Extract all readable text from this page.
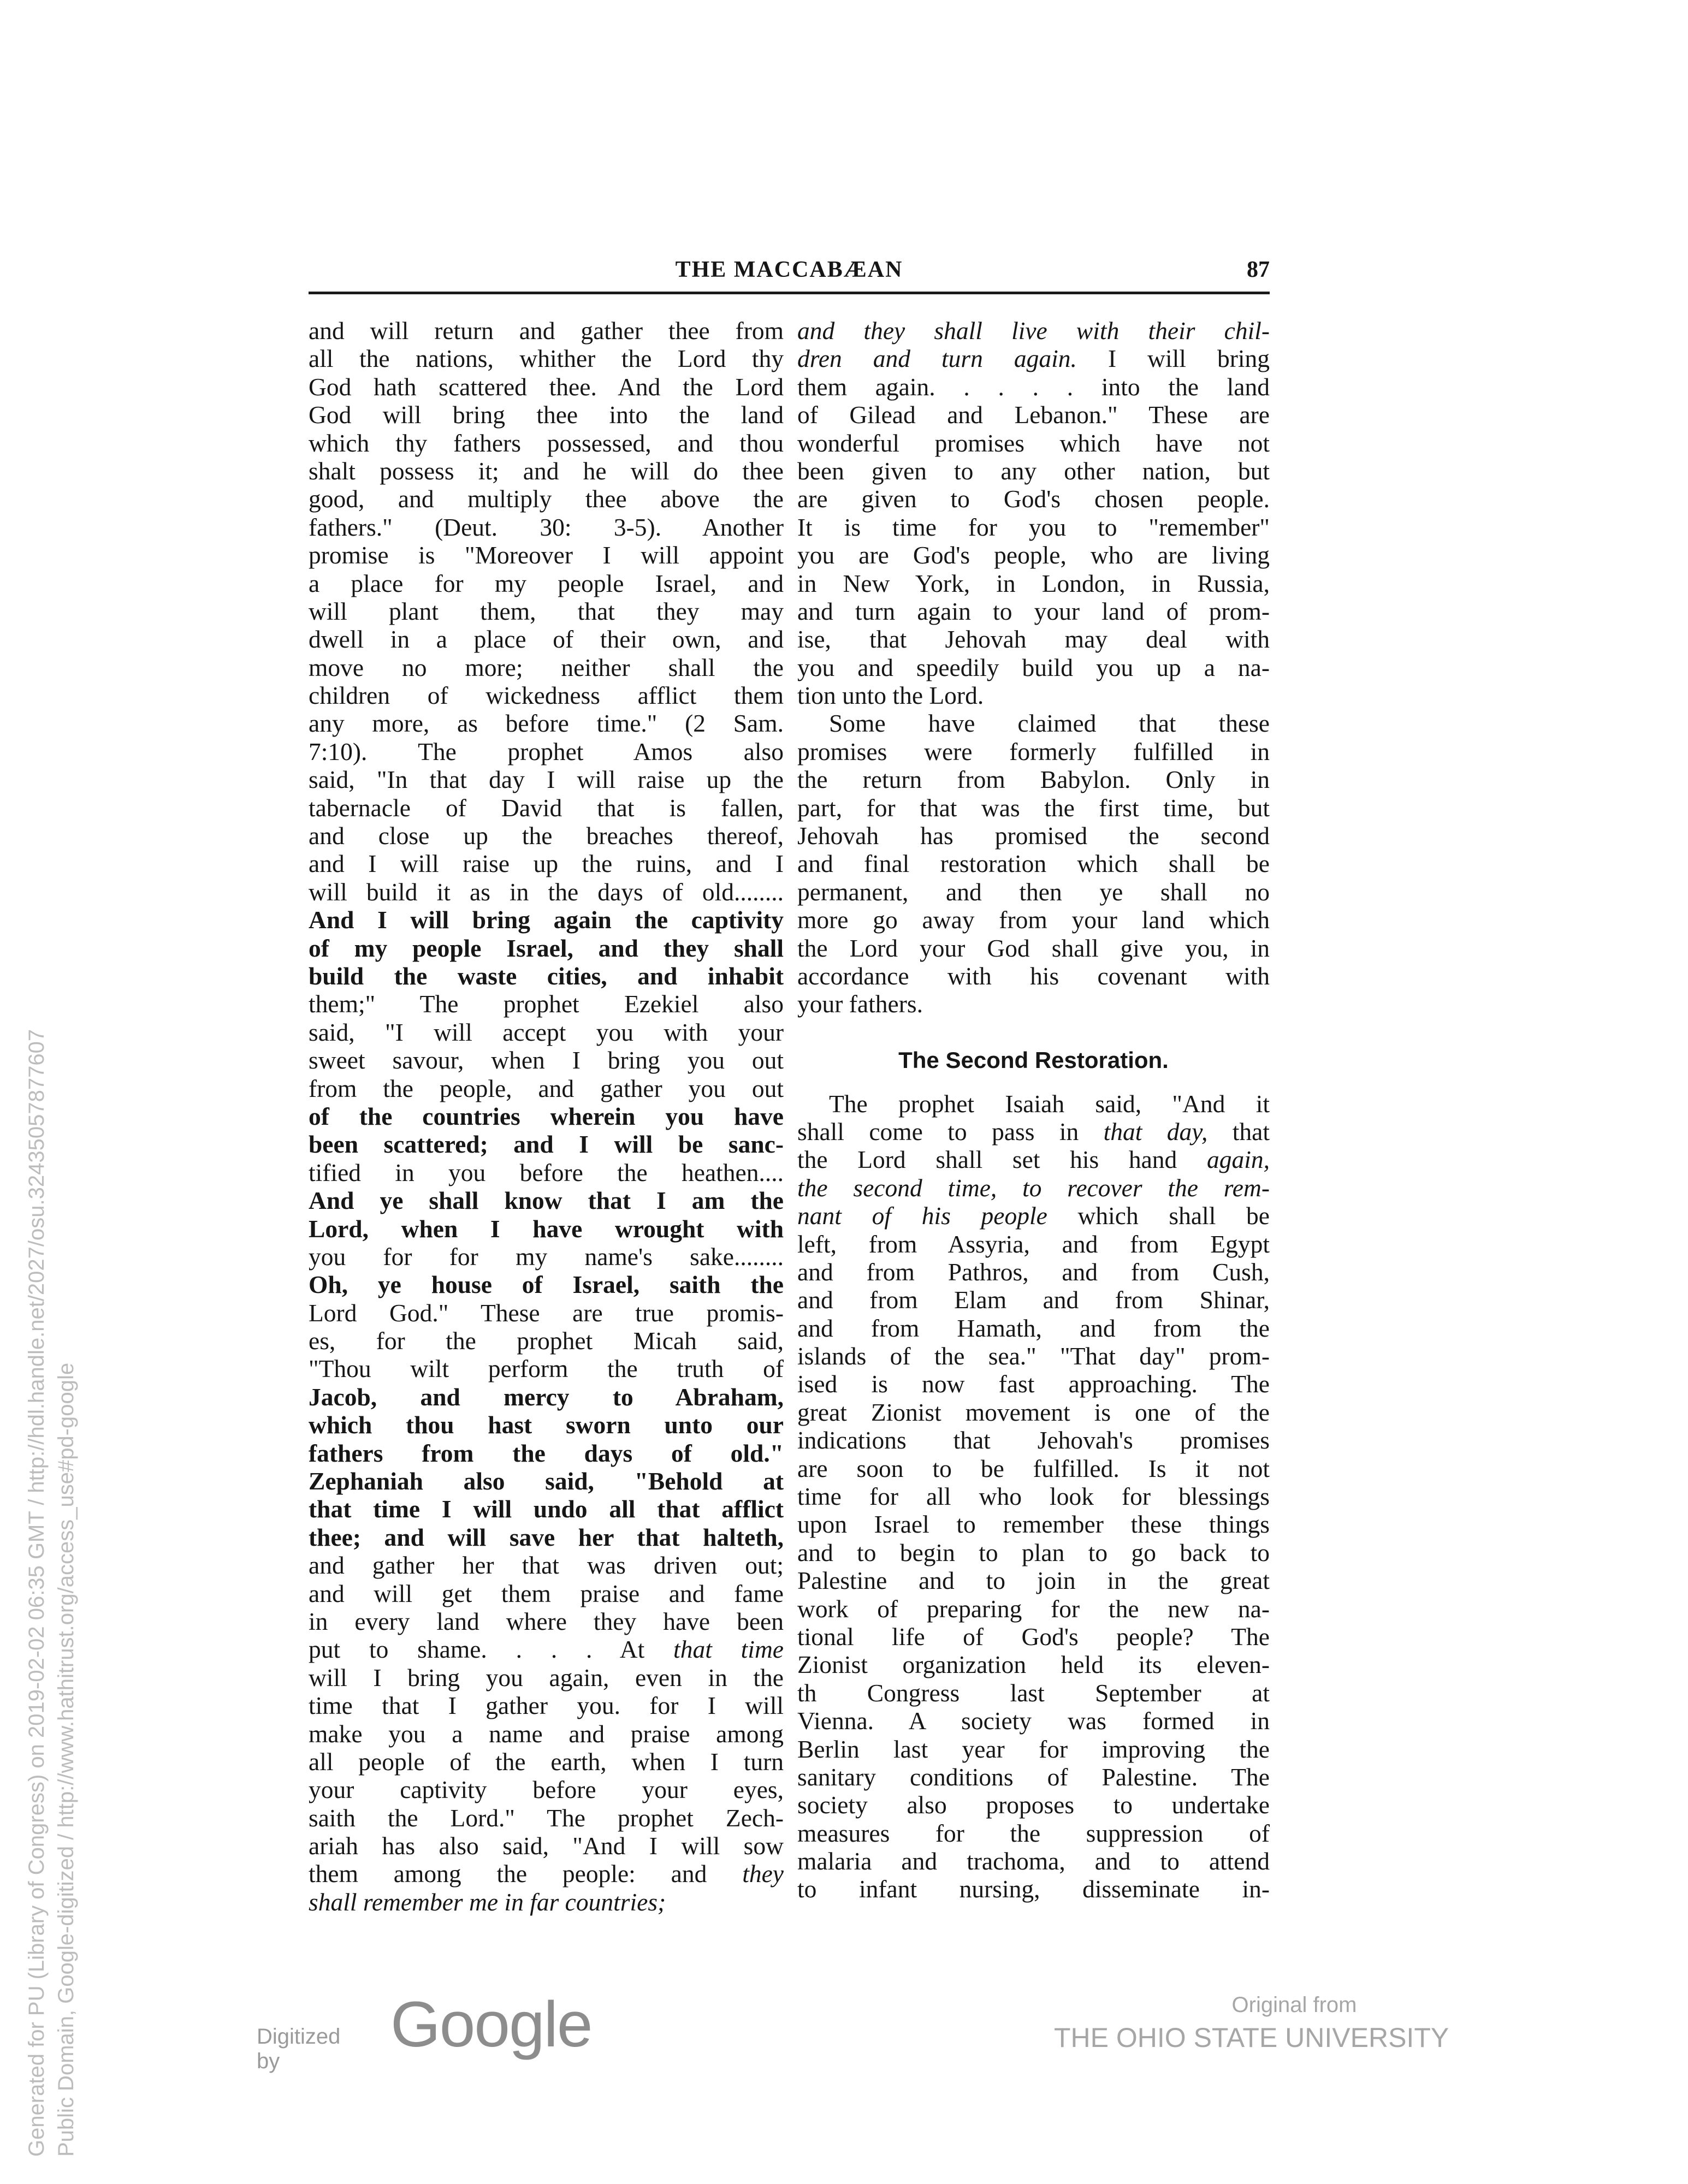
THE MACCABÆAN	87
and will return and gather thee from
all the nations, whither the Lord thy
God hath scattered thee. And the Lord
God will bring thee into the land
which thy fathers possessed, and thou
shalt possess it; and he will do thee
good, and multiply thee above the
fathers." (Deut. 30: 3-5). Another
promise is "Moreover I will appoint
a place for my people Israel, and
will plant them, that they may
dwell in a place of their own, and
move no more; neither shall the
children of wickedness afflict them
any more, as before time." (2 Sam.
7:10). The prophet Amos also
said, "In that day I will raise up the
tabernacle of David that is fallen,
and close up the breaches thereof,
and I will raise up the ruins, and I
will build it as in the days of old........
And I will bring again the captivity
of my people Israel, and they shall
build the waste cities, and inhabit
them;" The prophet Ezekiel also
said, "I will accept you with your
sweet savour, when I bring you out
from the people, and gather you out
of the countries wherein you have
been scattered; and I will be sanc-
tified in you before the heathen....
And ye shall know that I am the
Lord, when I have wrought with
you for for my name's sake........
Oh, ye house of Israel, saith the
Lord God." These are true promis-
es, for the prophet Micah said,
"Thou wilt perform the truth of
Jacob, and mercy to Abraham,
which thou hast sworn unto our
fathers from the days of old."
Zephaniah also said, "Behold at
that time I will undo all that afflict
thee; and will save her that halteth,
and gather her that was driven out;
and will get them praise and fame
in every land where they have been
put to shame. . . . At that time
will I bring you again, even in the
time that I gather you. for I will
make you a name and praise among
all people of the earth, when I turn
your captivity before your eyes,
saith the Lord." The prophet Zech-
ariah has also said, "And I will sow
them among the people: and they
shall remember me in far countries;
and they shall live with their chil-
dren and turn again. I will bring
them again. . . . . into the land
of Gilead and Lebanon." These are
wonderful promises which have not
been given to any other nation, but
are given to God's chosen people.
It is time for you to "remember"
you are God's people, who are living
in New York, in London, in Russia,
and turn again to your land of prom-
ise, that Jehovah may deal with
you and speedily build you up a na-
tion unto the Lord.
Some have claimed that these
promises were formerly fulfilled in
the return from Babylon. Only in
part, for that was the first time, but
Jehovah has promised the second
and final restoration which shall be
permanent, and then ye shall no
more go away from your land which
the Lord your God shall give you, in
accordance with his covenant with
your fathers.
The Second Restoration.
The prophet Isaiah said, "And it
shall come to pass in that day, that
the Lord shall set his hand again,
the second time, to recover the rem-
nant of his people which shall be
left, from Assyria, and from Egypt
and from Pathros, and from Cush,
and from Elam and from Shinar,
and from Hamath, and from the
islands of the sea." "That day" prom-
ised is now fast approaching. The
great Zionist movement is one of the
indications that Jehovah's promises
are soon to be fulfilled. Is it not
time for all who look for blessings
upon Israel to remember these things
and to begin to plan to go back to
Palestine and to join in the great
work of preparing for the new na-
tional life of God's people? The
Zionist organization held its eleven-
th Congress last September at
Vienna. A society was formed in
Berlin last year for improving the
sanitary conditions of Palestine. The
society also proposes to undertake
measures for the suppression of
malaria and trachoma, and to attend
to infant nursing, disseminate in-
Generated for PU (Library of Congress) on 2019-02-02 06:35 GMT / http://hdl.handle.net/2027/osu.32435057877607 Public Domain, Google-digitized / http://www.hathitrust.org/access_use#pd-google	Digitized by
Google	Original from
THE OHIO STATE UNIVERSITY
